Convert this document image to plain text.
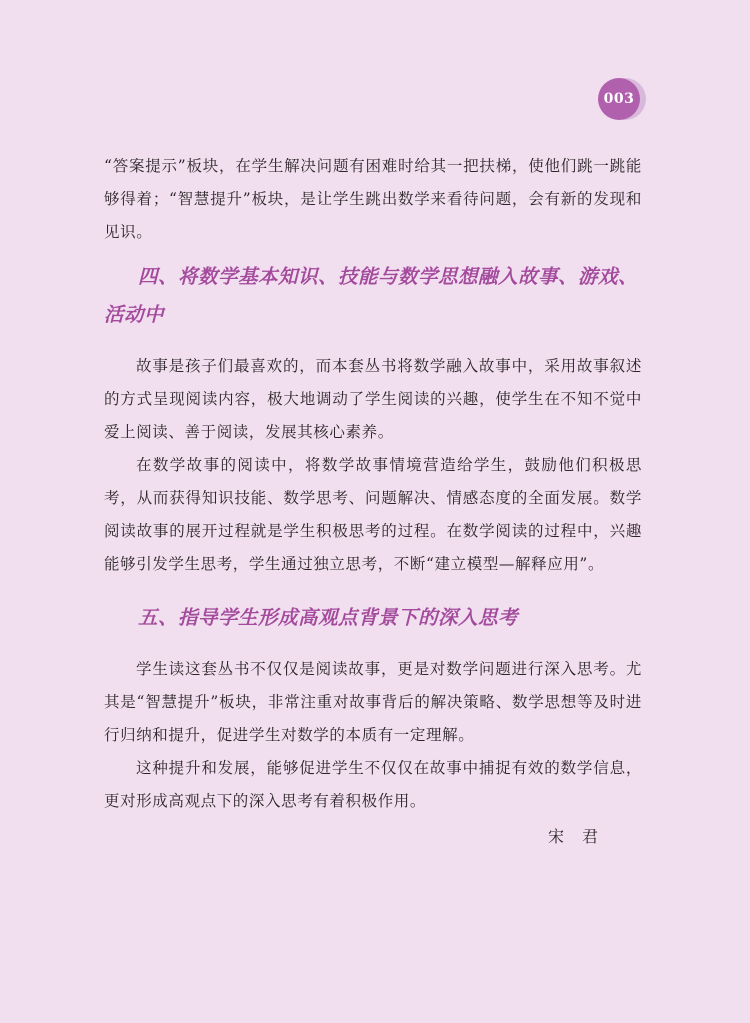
003

“答案提示”板块，在学生解决问题有困难时给其一把扶梯，使他们跳一跳能够得着；“智慧提升”板块，是让学生跳出数学来看待问题，会有新的发现和见识。

四、将数学基本知识、技能与数学思想融入故事、游戏、活动中

故事是孩子们最喜欢的，而本套丛书将数学融入故事中，采用故事叙述的方式呈现阅读内容，极大地调动了学生阅读的兴趣，使学生在不知不觉中爱上阅读、善于阅读，发展其核心素养。

在数学故事的阅读中，将数学故事情境营造给学生，鼓励他们积极思考，从而获得知识技能、数学思考、问题解决、情感态度的全面发展。数学阅读故事的展开过程就是学生积极思考的过程。在数学阅读的过程中，兴趣能够引发学生思考，学生通过独立思考，不断“建立模型—解释应用”。

五、指导学生形成高观点背景下的深入思考

学生读这套丛书不仅仅是阅读故事，更是对数学问题进行深入思考。尤其是“智慧提升”板块，非常注重对故事背后的解决策略、数学思想等及时进行归纳和提升，促进学生对数学的本质有一定理解。

这种提升和发展，能够促进学生不仅仅在故事中捕捉有效的数学信息，更对形成高观点下的深入思考有着积极作用。

宋君
